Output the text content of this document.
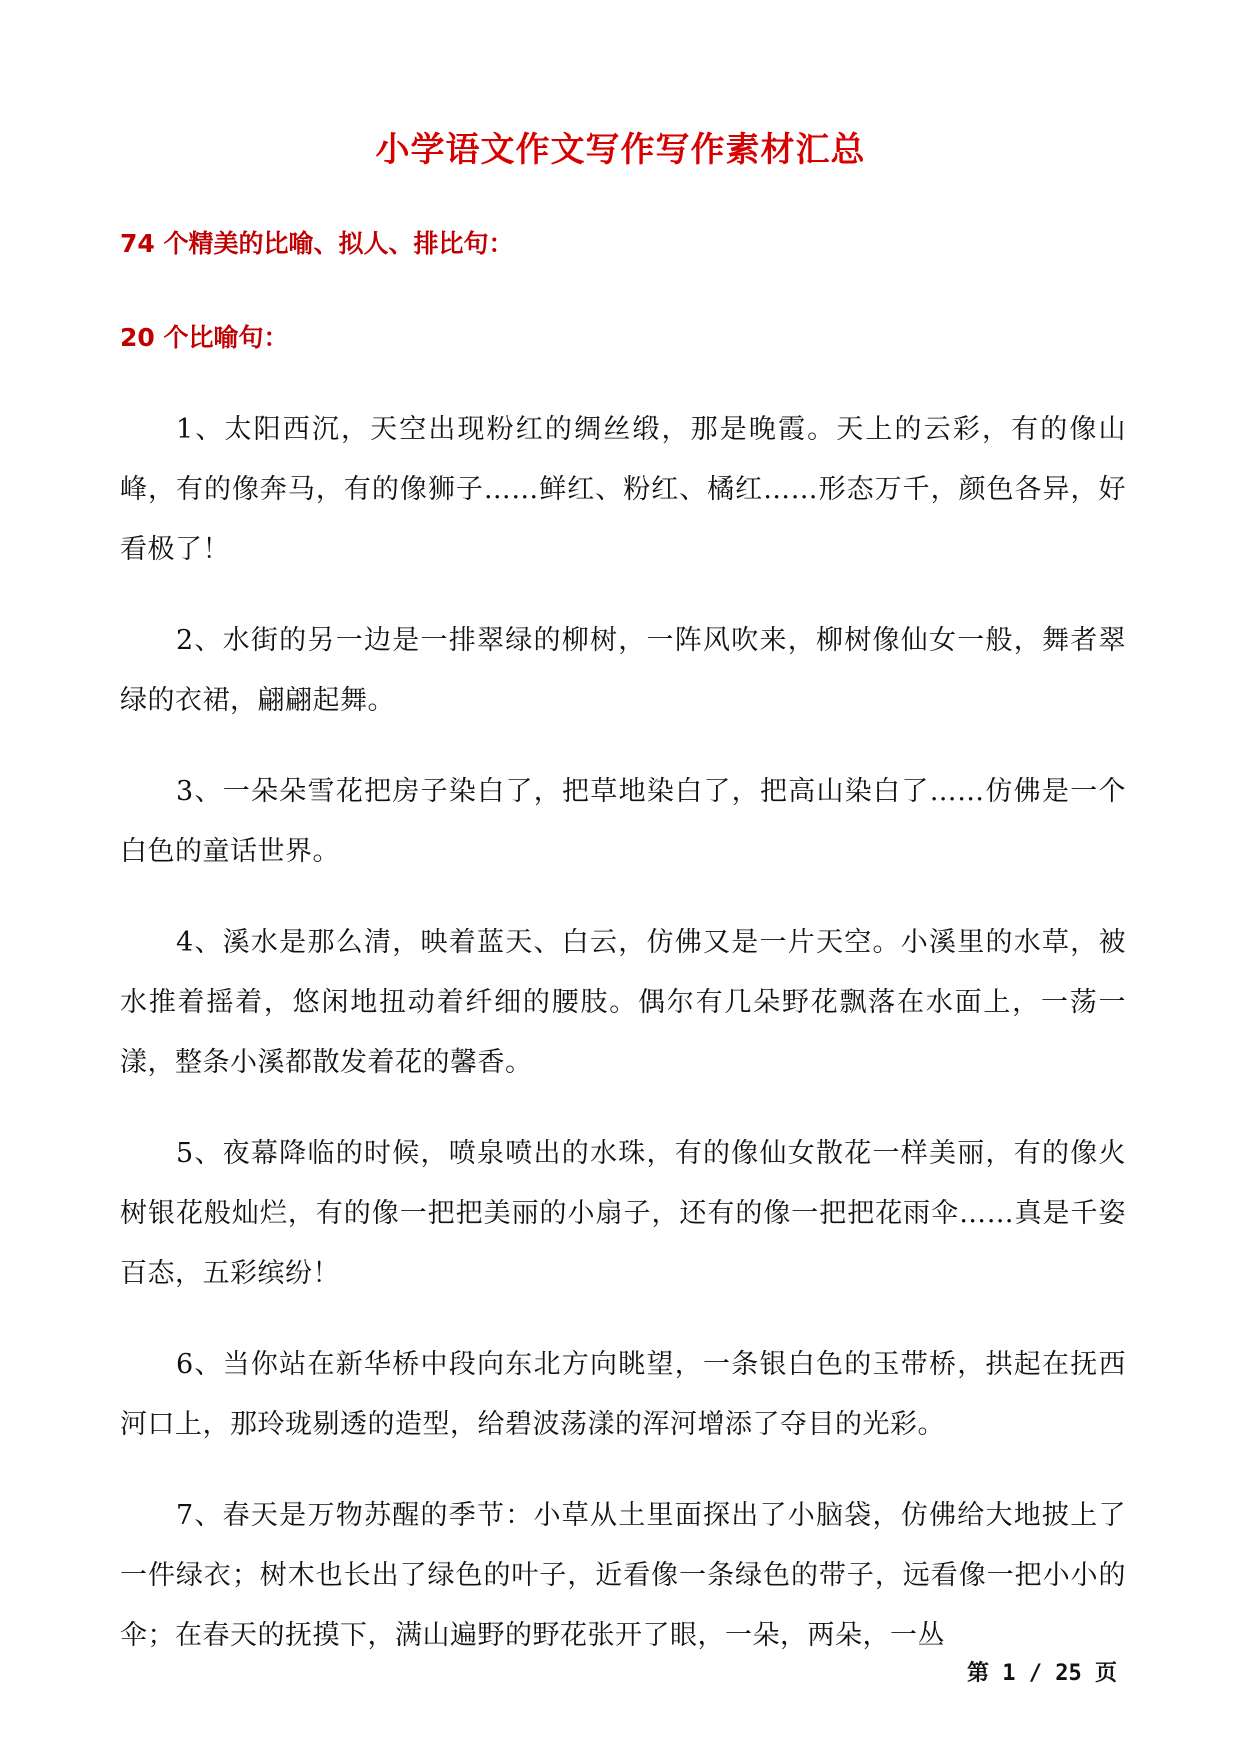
小学语文作文写作写作素材汇总
74 个精美的比喻、拟人、排比句：
20 个比喻句：

1、太阳西沉，天空出现粉红的绸丝缎，那是晚霞。天上的云彩，有的像山峰，有的像奔马，有的像狮子……鲜红、粉红、橘红……形态万千，颜色各异，好看极了！

2、水街的另一边是一排翠绿的柳树，一阵风吹来，柳树像仙女一般，舞者翠绿的衣裙，翩翩起舞。

3、一朵朵雪花把房子染白了，把草地染白了，把高山染白了……仿佛是一个白色的童话世界。

4、溪水是那么清，映着蓝天、白云，仿佛又是一片天空。小溪里的水草，被水推着摇着，悠闲地扭动着纤细的腰肢。偶尔有几朵野花飘落在水面上，一荡一漾，整条小溪都散发着花的馨香。

5、夜幕降临的时候，喷泉喷出的水珠，有的像仙女散花一样美丽，有的像火树银花般灿烂，有的像一把把美丽的小扇子，还有的像一把把花雨伞……真是千姿百态，五彩缤纷！

6、当你站在新华桥中段向东北方向眺望，一条银白色的玉带桥，拱起在抚西河口上，那玲珑剔透的造型，给碧波荡漾的浑河增添了夺目的光彩。

7、春天是万物苏醒的季节：小草从土里面探出了小脑袋，仿佛给大地披上了一件绿衣；树木也长出了绿色的叶子，近看像一条绿色的带子，远看像一把小小的伞；在春天的抚摸下，满山遍野的野花张开了眼，一朵，两朵，一丛

第 1 / 25 页
